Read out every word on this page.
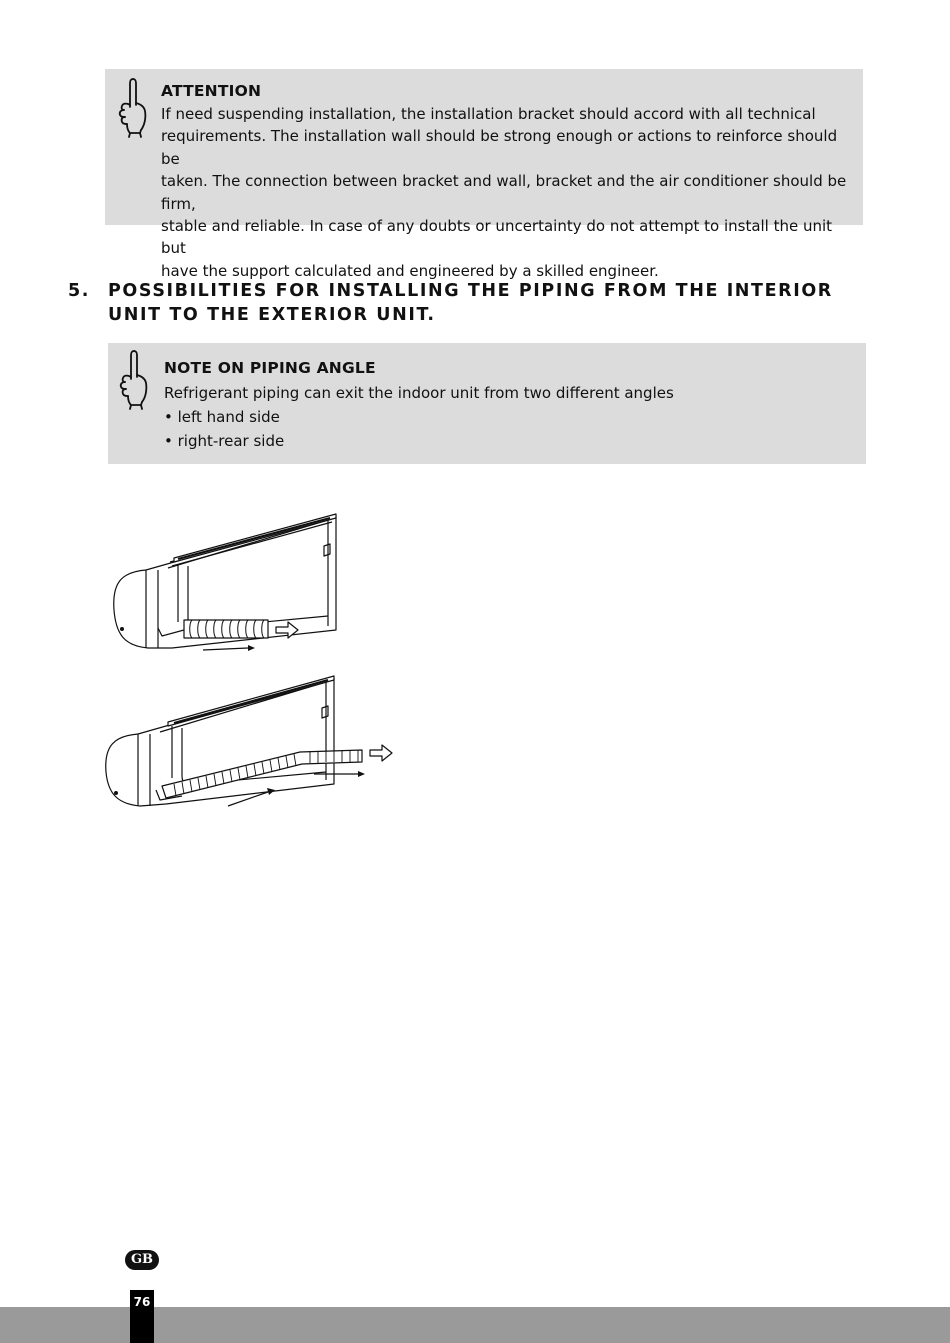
ATTENTION
If need suspending installation, the installation bracket should accord with all technical
requirements. The installation wall should be strong enough or actions to reinforce should be
taken. The connection between bracket and wall, bracket and the air conditioner should be firm,
stable and reliable. In case of any doubts or uncertainty do not attempt to install the unit but
have the support calculated and engineered by a skilled engineer.
5. POSSIBILITIES FOR INSTALLING THE PIPING FROM THE INTERIOR UNIT TO THE EXTERIOR UNIT.
NOTE ON PIPING ANGLE
Refrigerant piping can exit the indoor unit from two different angles
• left hand side
• right-rear side
GB
76
